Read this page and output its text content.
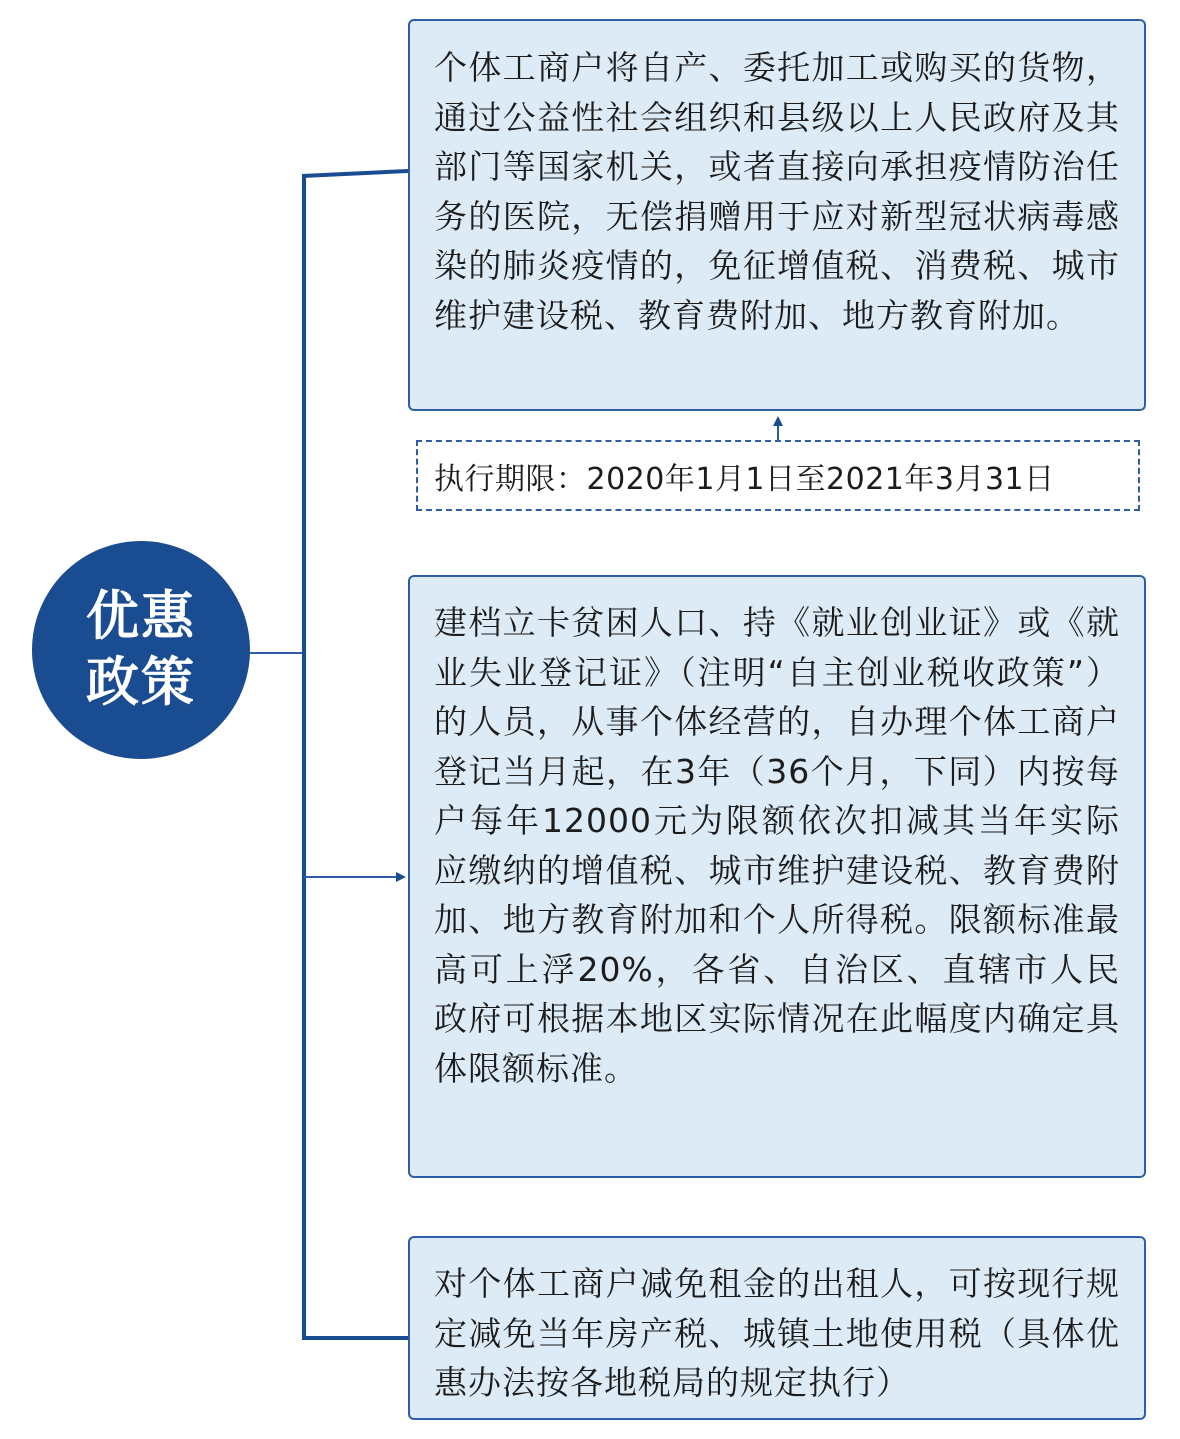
优惠政策
个体工商户将自产、委托加工或购买的货物，通过公益性社会组织和县级以上人民政府及其部门等国家机关，或者直接向承担疫情防治任务的医院，无偿捐赠用于应对新型冠状病毒感染的肺炎疫情的，免征增值税、消费税、城市维护建设税、教育费附加、地方教育附加。
执行期限：2020年1月1日至2021年3月31日
建档立卡贫困人口、持《就业创业证》或《就业失业登记证》（注明“自主创业税收政策”）的人员，从事个体经营的，自办理个体工商户登记当月起，在3年（36个月，下同）内按每户每年12000元为限额依次扣减其当年实际应缴纳的增值税、城市维护建设税、教育费附加、地方教育附加和个人所得税。限额标准最高可上浮20%，各省、自治区、直辖市人民政府可根据本地区实际情况在此幅度内确定具体限额标准。
对个体工商户减免租金的出租人，可按现行规定减免当年房产税、城镇土地使用税（具体优惠办法按各地税局的规定执行）
